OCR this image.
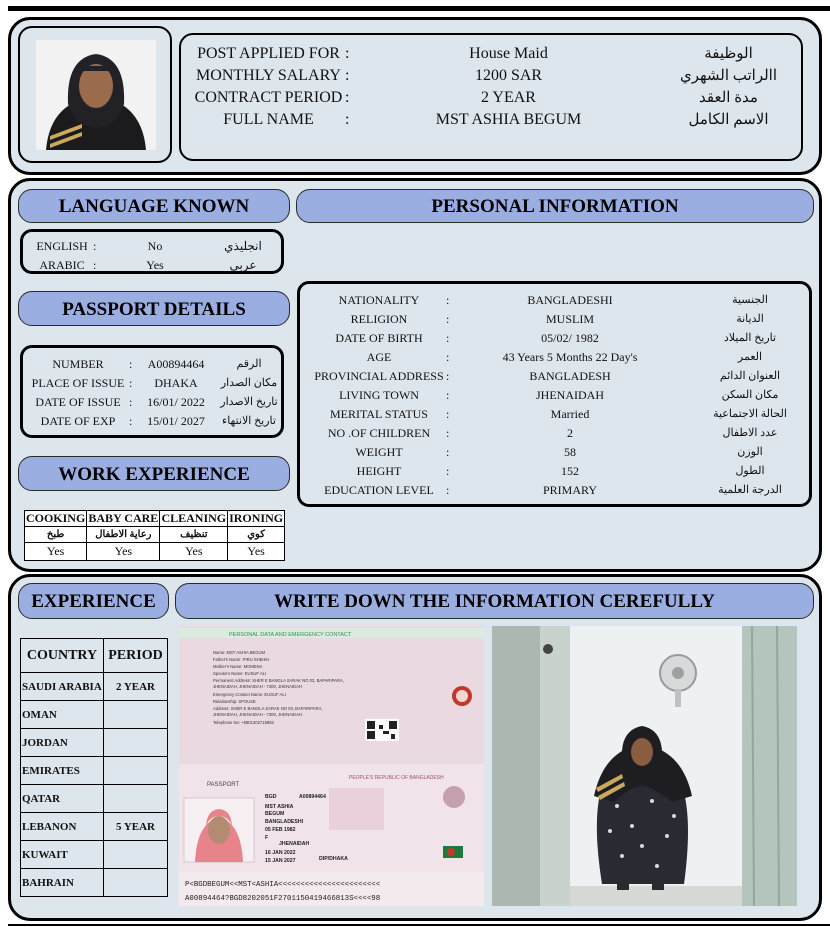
POST APPLIED FOR :	House Maid	الوظيفة
MONTHLY SALARY :	1200 SAR	االراتب الشهري
CONTRACT PERIOD :	2 YEAR	مدة العقد
FULL NAME	:	MST ASHIA BEGUM	الاسم الكامل
LANGUAGE KNOWN	PERSONAL INFORMATION
ENGLISH :	No	انجليذي
ARABIC :	Yes	عربي
PASSPORT DETAILS
NUMBER	:	A00894464	الرقم
PLACE OF ISSUE :	DHAKA	مكان الصدار
DATE OF ISSUE :	16/01/ 2022	تاريخ الاصدار
DATE OF EXP	:	15/01/ 2027	تاريخ الانتهاء
WORK EXPERIENCE
COOKING	BABY CARE	CLEANING	IRONING
طبخ	رعاية الاطفال	تنظيف	كوي
Yes	Yes	Yes	Yes
NATIONALITY	:	BANGLADESHI	الجنسية
RELIGION	:	MUSLIM	الديانة
DATE OF BIRTH	:	05/02/ 1982	تاريخ الميلاد
AGE	:	43 Years 5 Months 22 Day's	العمر
PROVINCIAL ADDRESS :	BANGLADESH	العنوان الدائم
LIVING TOWN	:	JHENAIDAH	مكان السكن
MERITAL STATUS	:	Married	الحالة الاجتماعية
NO .OF CHILDREN	:	2	عدد الاطفال
WEIGHT	:	58	الوزن
HEIGHT	:	152	الطول
EDUCATION LEVEL	:	PRIMARY	الدرجة العلمية
EXPERIENCE	WRITE DOWN THE INFORMATION CEREFULLY
COUNTRY	PERIOD
SAUDI ARABIA	2 YEAR
OMAN	
JORDAN	
EMIRATES	
QATAR	
LEBANON	5 YEAR
KUWAIT	
BAHRAIN	
PERSONAL DATA AND EMERGENCY CONTACT
Name: MST ASHIA BEGUM
Father's Name: PIRU SHEIKH
Mother's Name: MOMENA
Spouse's Name: EUSUF ALI
Permanent Address: SHER E BANGLA SARAK NO 03, BAPARIPARA,
JHENAIDAH, JHENAIDAH - 7300, JHENAIDAH
Emergency Contact Name: EUSUF ALI
Relationship: SPOUSE
Address: SHER E BANGLA SARAK NO 03, BAPARIPARA,
JHENAIDAH, JHENAIDAH - 7300, JHENAIDAH
Telephone No: +8801302715882
PASSPORT
PEOPLE'S REPUBLIC OF BANGLADESH
BGD	A00894464
MST ASHIA
BEGUM
BANGLADESHI
05 FEB 1982
F
JHENAIDAH
16 JAN 2022
DIP/DHAKA
15 JAN 2027
P<BGDBEGUM<<MST<ASHIA<<<<<<<<<<<<<<<<<<<<<<<
A00894464?BGD8202051F2701150419466813S<<<<98
